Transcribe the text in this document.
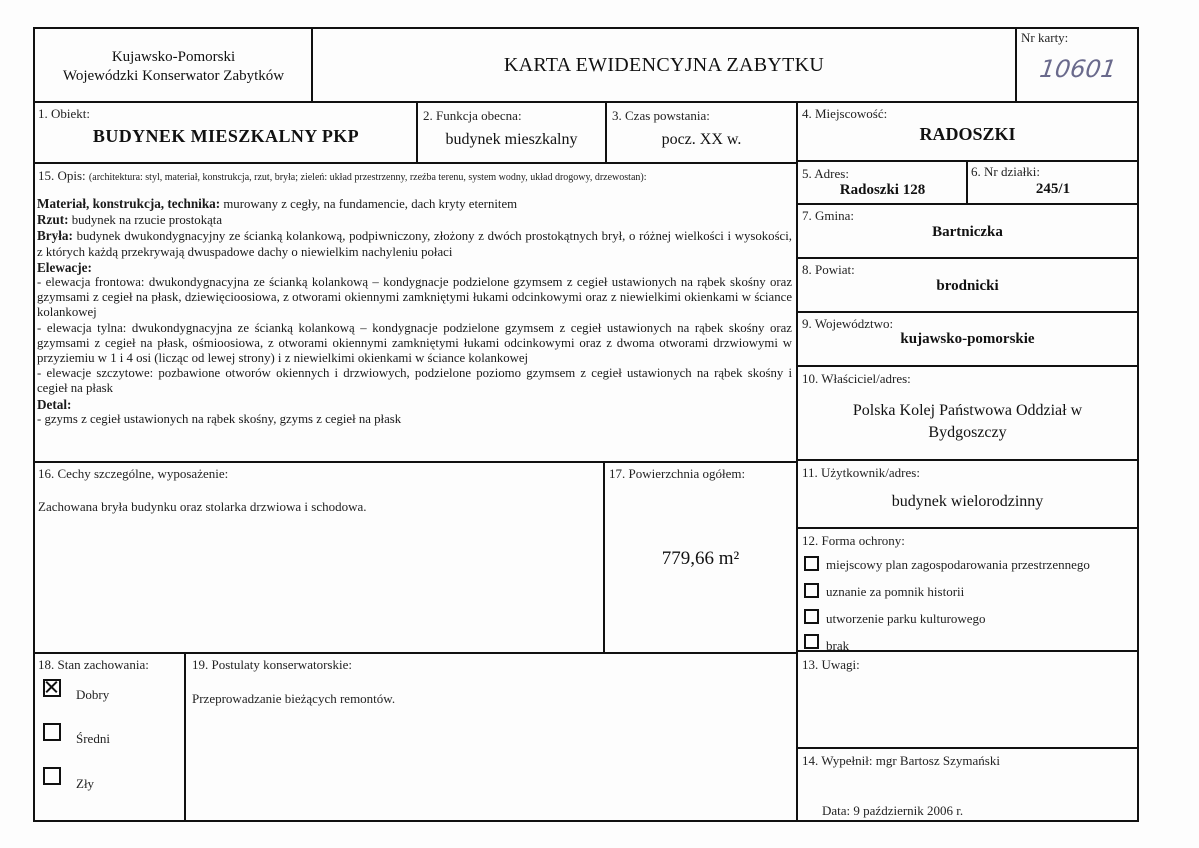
Kujawsko-Pomorski
Wojewódzki Konserwator Zabytków	KARTA EWIDENCYJNA ZABYTKU
Nr karty:
10601
1. Obiekt:
BUDYNEK MIESZKALNY PKP
2. Funkcja obecna:
budynek mieszkalny
3. Czas powstania:
pocz. XX w.
4. Miejscowość:
RADOSZKI
5. Adres:
Radoszki 128
6. Nr działki:
245/1
7. Gmina:
Bartniczka
8. Powiat:
brodnicki
9. Województwo:
kujawsko-pomorskie
10. Właściciel/adres:
Polska Kolej Państwowa Oddział w
Bydgoszczy
11. Użytkownik/adres:
budynek wielorodzinny
12. Forma ochrony:
miejscowy plan zagospodarowania przestrzennego
uznanie za pomnik historii
utworzenie parku kulturowego
brak
13. Uwagi:
14. Wypełnił: mgr Bartosz Szymański
Data: 9 październik 2006 r.
15. Opis: (architektura: styl, materiał, konstrukcja, rzut, bryła; zieleń: układ przestrzenny, rzeźba terenu, system wodny, układ drogowy, drzewostan):

Materiał, konstrukcja, technika: murowany z cegły, na fundamencie, dach kryty eternitem

Rzut: budynek na rzucie prostokąta

Bryła: budynek dwukondygnacyjny ze ścianką kolankową, podpiwniczony, złożony z dwóch prostokątnych brył, o różnej wielkości i wysokości, z których każdą przekrywają dwuspadowe dachy o niewielkim nachyleniu połaci

Elewacje:

- elewacja frontowa: dwukondygnacyjna ze ścianką kolankową – kondygnacje podzielone gzymsem z cegieł ustawionych na rąbek skośny oraz gzymsami z cegieł na płask, dziewięcioosiowa, z otworami okiennymi zamkniętymi łukami odcinkowymi oraz z niewielkimi okienkami w ściance kolankowej

- elewacja tylna: dwukondygnacyjna ze ścianką kolankową – kondygnacje podzielone gzymsem z cegieł ustawionych na rąbek skośny oraz gzymsami z cegieł na płask, ośmioosiowa, z otworami okiennymi zamkniętymi łukami odcinkowymi oraz z dwoma otworami drzwiowymi w przyziemiu w 1 i 4 osi (licząc od lewej strony) i z niewielkimi okienkami w ściance kolankowej

- elewacje szczytowe: pozbawione otworów okiennych i drzwiowych, podzielone poziomo gzymsem z cegieł ustawionych na rąbek skośny i cegieł na płask

Detal:

- gzyms z cegieł ustawionych na rąbek skośny, gzyms z cegieł na płask

16. Cechy szczególne, wyposażenie:
Zachowana bryła budynku oraz stolarka drzwiowa i schodowa.
17. Powierzchnia ogółem:
779,66 m²
18. Stan zachowania:
Dobry
Średni
Zły
19. Postulaty konserwatorskie:
Przeprowadzanie bieżących remontów.
